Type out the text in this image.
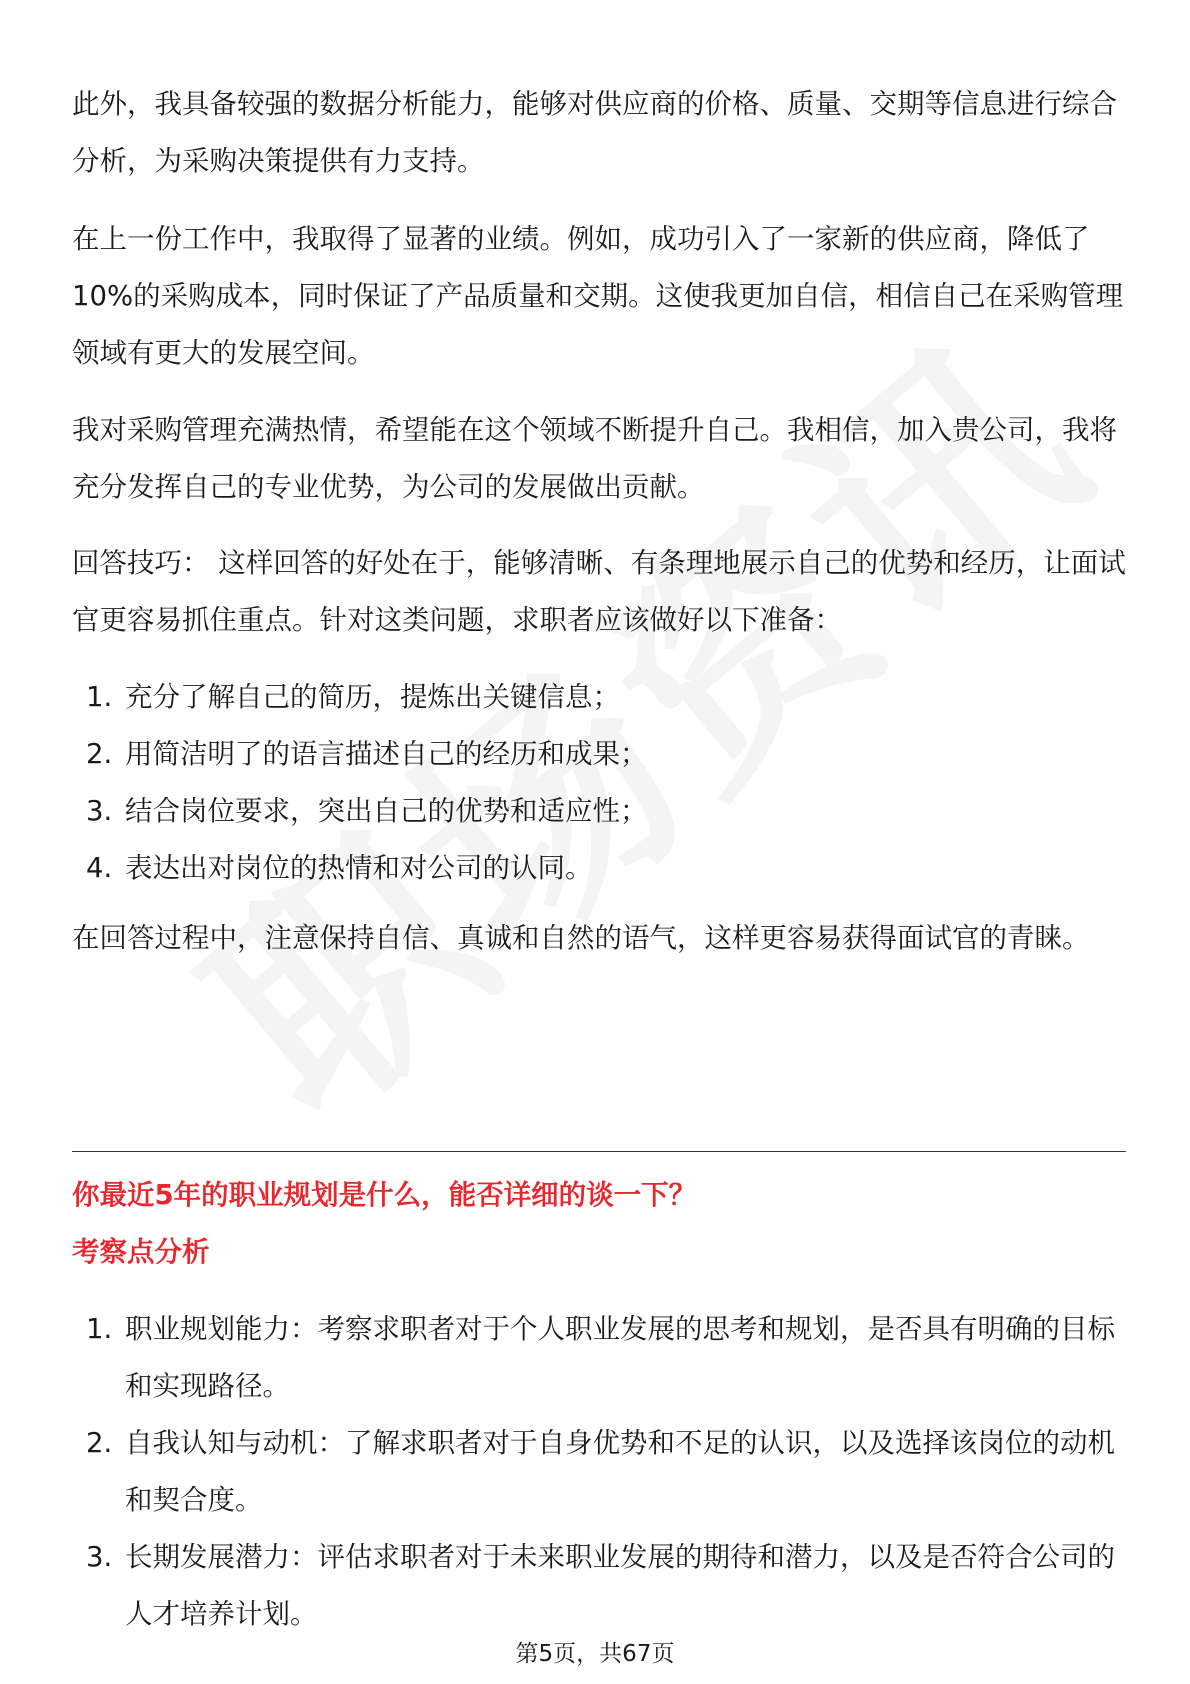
此外，我具备较强的数据分析能力，能够对供应商的价格、质量、交期等信息进行综合分析，为采购决策提供有力支持。

在上一份工作中，我取得了显著的业绩。例如，成功引入了一家新的供应商，降低了10%的采购成本，同时保证了产品质量和交期。这使我更加自信，相信自己在采购管理领域有更大的发展空间。

我对采购管理充满热情，希望能在这个领域不断提升自己。我相信，加入贵公司，我将充分发挥自己的专业优势，为公司的发展做出贡献。

回答技巧： 这样回答的好处在于，能够清晰、有条理地展示自己的优势和经历，让面试官更容易抓住重点。针对这类问题，求职者应该做好以下准备：

1. 充分了解自己的简历，提炼出关键信息；
2. 用简洁明了的语言描述自己的经历和成果；
3. 结合岗位要求，突出自己的优势和适应性；
4. 表达出对岗位的热情和对公司的认同。

在回答过程中，注意保持自信、真诚和自然的语气，这样更容易获得面试官的青睐。

你最近5年的职业规划是什么，能否详细的谈一下？
考察点分析
1. 职业规划能力：考察求职者对于个人职业发展的思考和规划，是否具有明确的目标和实现路径。
2. 自我认知与动机：了解求职者对于自身优势和不足的认识，以及选择该岗位的动机和契合度。
3. 长期发展潜力：评估求职者对于未来职业发展的期待和潜力，以及是否符合公司的人才培养计划。
第5页，共67页
